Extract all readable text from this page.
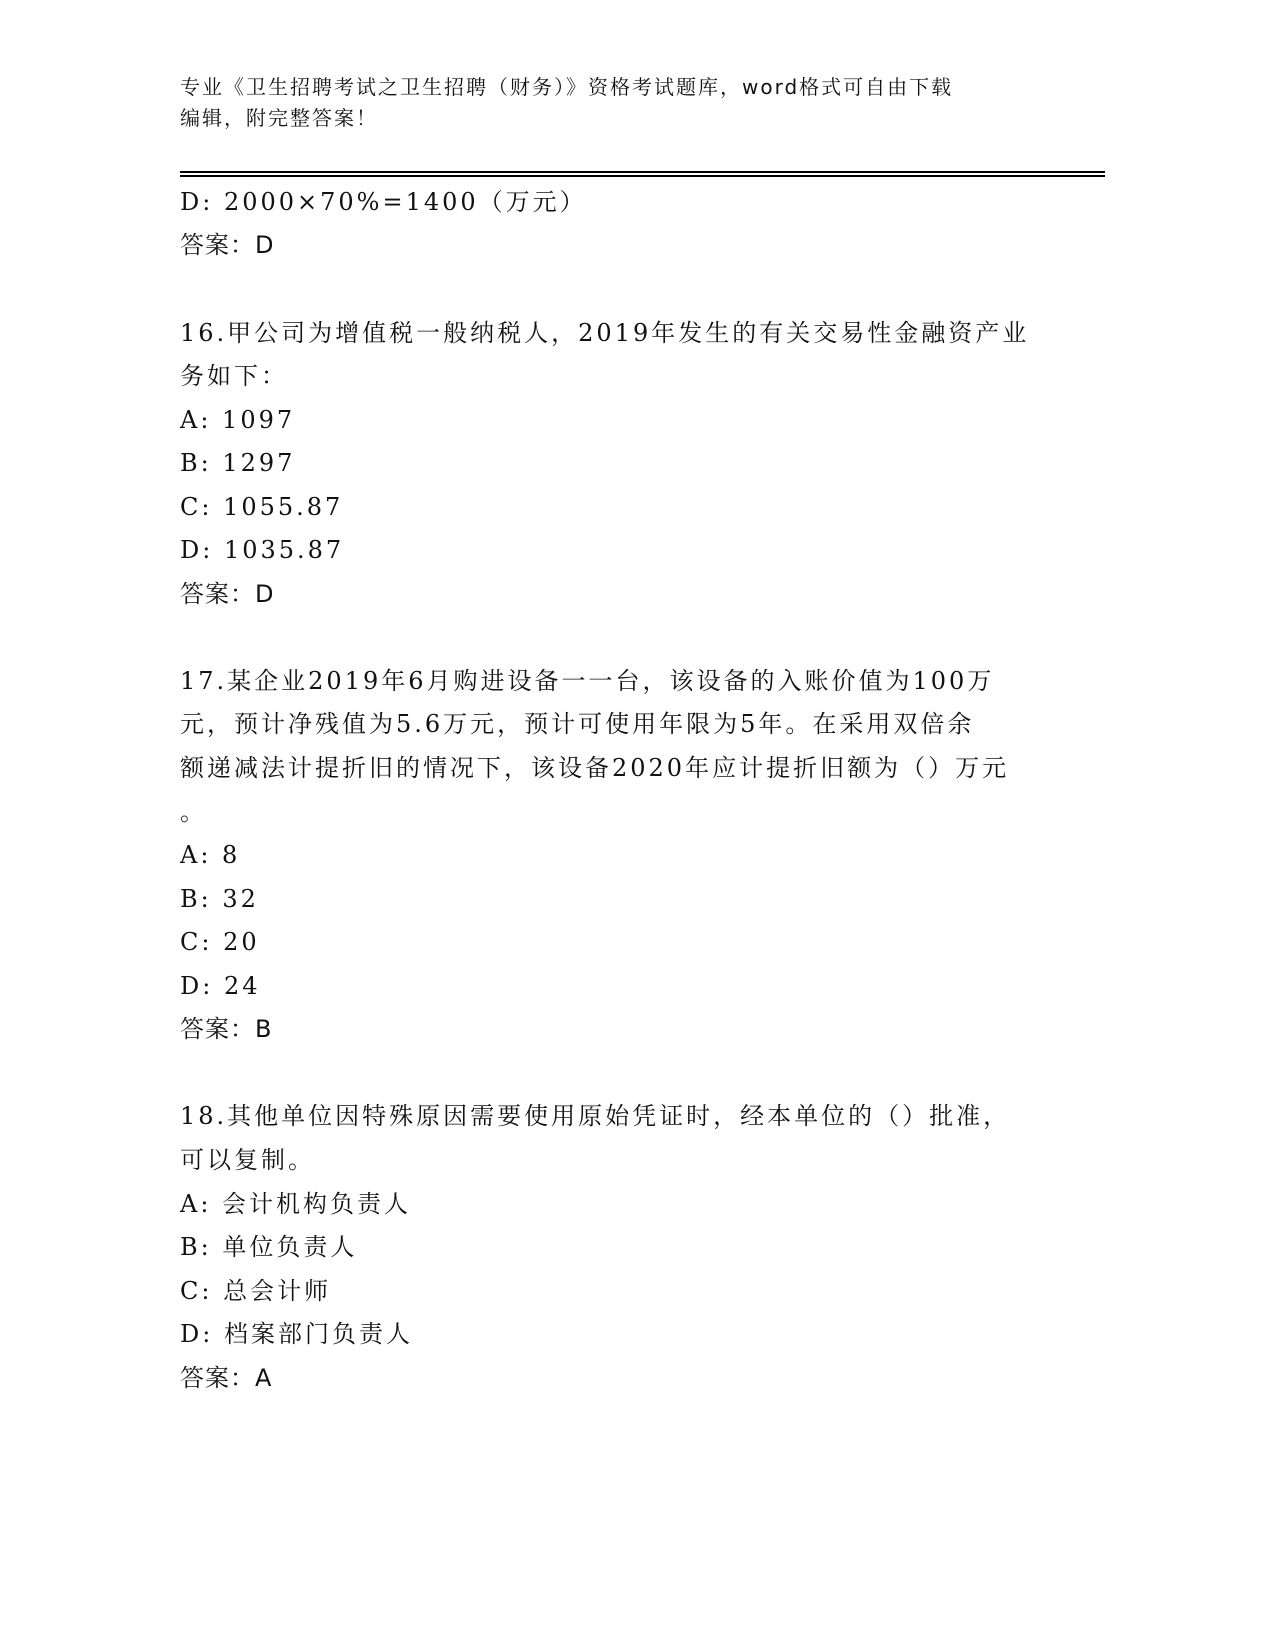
专业《卫生招聘考试之卫生招聘（财务）》资格考试题库，word格式可自由下载
编辑，附完整答案！
D: 2000×70%=1400（万元）
答案：D
16.甲公司为增值税一般纳税人，2019年发生的有关交易性金融资产业
务如下：
A: 1097
B: 1297
C: 1055.87
D: 1035.87
答案：D
17.某企业2019年6月购进设备一一台，该设备的入账价值为100万
元，预计净残值为5.6万元，预计可使用年限为5年。在采用双倍余
额递减法计提折旧的情况下，该设备2020年应计提折旧额为（）万元
。
A: 8
B: 32
C: 20
D: 24
答案：B
18.其他单位因特殊原因需要使用原始凭证时，经本单位的（）批准，
可以复制。
A: 会计机构负责人
B: 单位负责人
C: 总会计师
D: 档案部门负责人
答案：A
